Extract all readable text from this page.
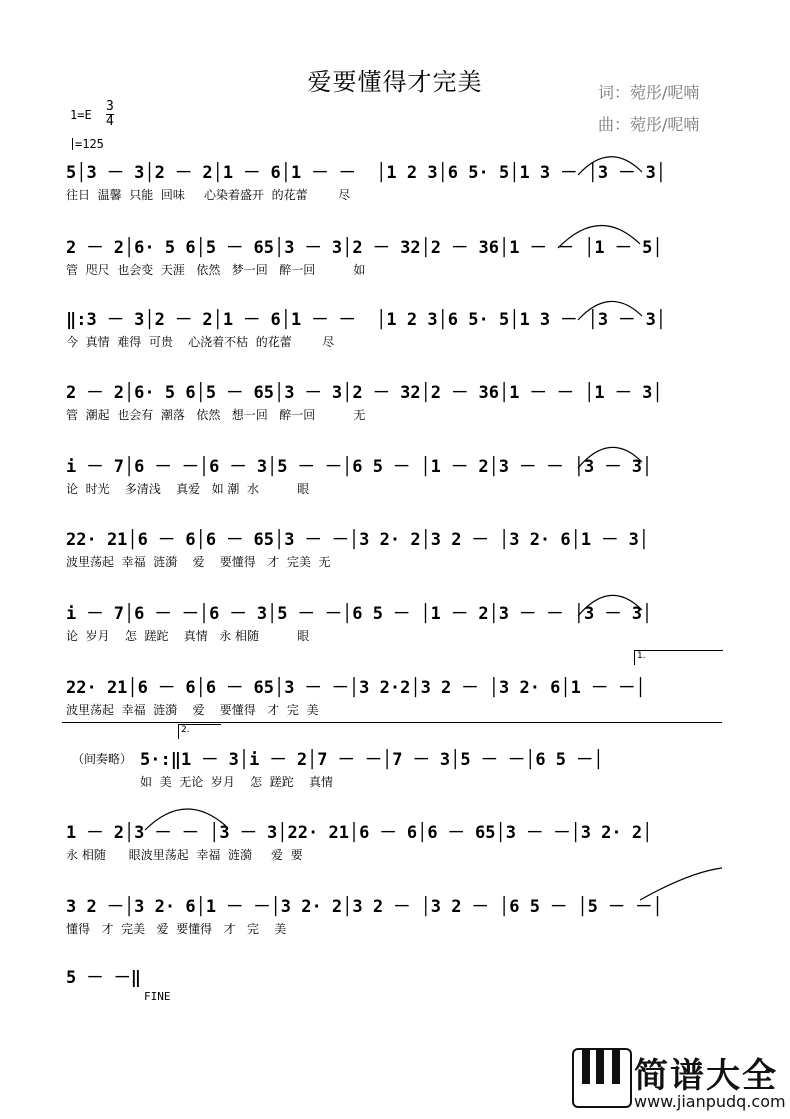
爱要懂得才完美	词：菀彤/呢喃
曲：菀彤/呢喃
$1=E \frac{3}{4}$
=125
5│3 － 3│2 － 2│1 － 6│1 － －  │1 2 3│6 5· 5│1 3 － │3 － 3│
往日  温馨  只能  回味     心染着盛开  的花蕾        尽
2 － 2│6· 5 6│5 － 65│3 － 3│2 － 32│2 － 36│1 － － │1 － 5│
管  咫尺  也会变  天涯   依然   梦一回   醉一回          如
‖:3 － 3│2 － 2│1 － 6│1 － －  │1 2 3│6 5· 5│1 3 － │3 － 3│
今  真情  难得  可贵    心浇着不枯  的花蕾        尽
2 － 2│6· 5 6│5 － 65│3 － 3│2 － 32│2 － 36│1 － － │1 － 3│
管  潮起  也会有  潮落   依然   想一回   醉一回          无
i － 7│6 － －│6 － 3│5 － －│6 5 － │1 － 2│3 － － │3 － 3│
论  时光    多清浅    真爱   如 潮  水          眼
22· 21│6 － 6│6 － 65│3 － －│3 2· 2│3 2 － │3 2· 6│1 － 3│
波里荡起  幸福  涟漪    爱    要懂得   才  完美  无
i － 7│6 － －│6 － 3│5 － －│6 5 － │1 － 2│3 － － │3 － 3│
论  岁月    怎  蹉跎    真情   永 相随          眼
1.
22· 21│6 － 6│6 － 65│3 － －│3 2·2│3 2 － │3 2· 6│1 － －│
波里荡起  幸福  涟漪    爱    要懂得   才  完  美
2.
（间奏略） 5·:‖1 － 3│i － 2│7 － －│7 － 3│5 － －│6 5 －│
如  美  无论  岁月    怎  蹉跎    真情
1 － 2│3 － － │3 － 3│22· 21│6 － 6│6 － 65│3 － －│3 2· 2│
永 相随      眼波里荡起  幸福  涟漪     爱  要
3 2 －│3 2· 6│1 － －│3 2· 2│3 2 － │3 2 － │6 5 － │5 － －│
懂得   才  完美   爱  要懂得   才   完    美
5 － －‖
FINE
简谱大全
www.jianpudq.com
